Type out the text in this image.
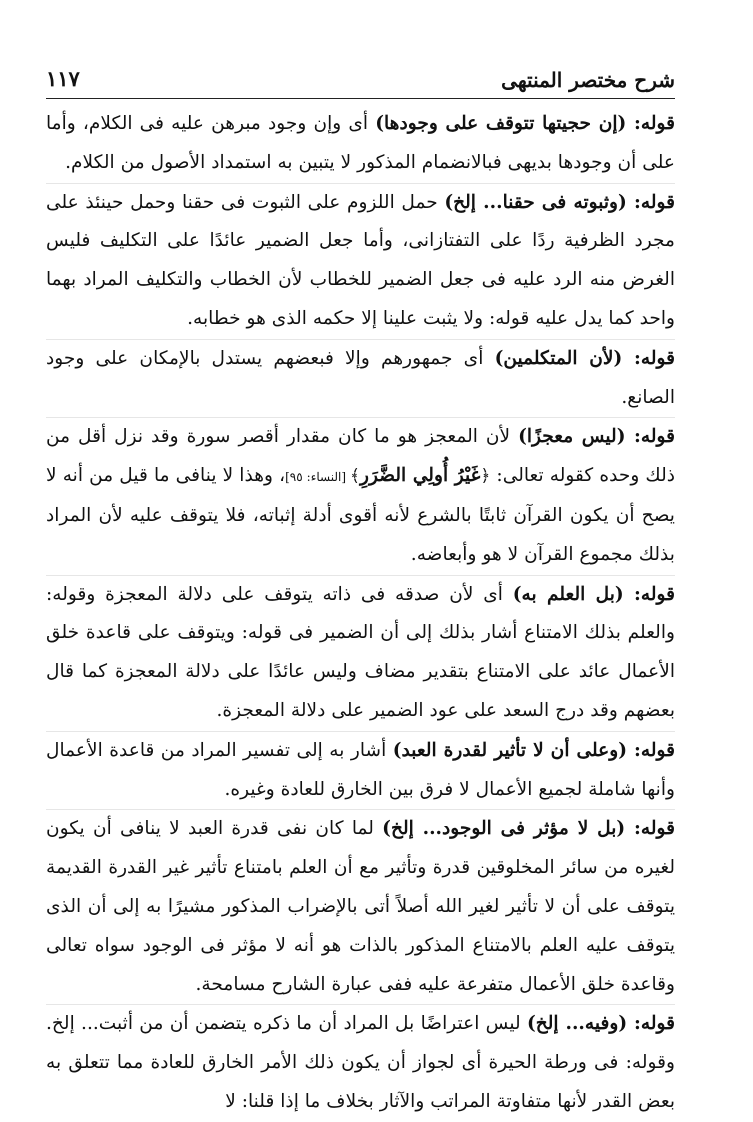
شرح مختصر المنتهى
١١٧

قوله: (إن حجيتها تتوقف على وجودها) أى وإن وجود مبرهن عليه فى الكلام، وأما على أن وجودها بديهى فبالانضمام المذكور لا يتبين به استمداد الأصول من الكلام.

قوله: (وثبوته فى حقنا... إلخ) حمل اللزوم على الثبوت فى حقنا وحمل حينئذ على مجرد الظرفية ردًا على التفتازانى، وأما جعل الضمير عائدًا على التكليف فليس الغرض منه الرد عليه فى جعل الضمير للخطاب لأن الخطاب والتكليف المراد بهما واحد كما يدل عليه قوله: ولا يثبت علينا إلا حكمه الذى هو خطابه.

قوله: (لأن المتكلمين) أى جمهورهم وإلا فبعضهم يستدل بالإمكان على وجود الصانع.

قوله: (ليس معجزًا) لأن المعجز هو ما كان مقدار أقصر سورة وقد نزل أقل من ذلك وحده كقوله تعالى: ﴿غَيْرُ أُولِي الضَّرَرِ﴾ [النساء: ٩٥]، وهذا لا ينافى ما قيل من أنه لا يصح أن يكون القرآن ثابتًا بالشرع لأنه أقوى أدلة إثباته، فلا يتوقف عليه لأن المراد بذلك مجموع القرآن لا هو وأبعاضه.

قوله: (بل العلم به) أى لأن صدقه فى ذاته يتوقف على دلالة المعجزة وقوله: والعلم بذلك الامتناع أشار بذلك إلى أن الضمير فى قوله: ويتوقف على قاعدة خلق الأعمال عائد على الامتناع بتقدير مضاف وليس عائدًا على دلالة المعجزة كما قال بعضهم وقد درج السعد على عود الضمير على دلالة المعجزة.

قوله: (وعلى أن لا تأثير لقدرة العبد) أشار به إلى تفسير المراد من قاعدة الأعمال وأنها شاملة لجميع الأعمال لا فرق بين الخارق للعادة وغيره.

قوله: (بل لا مؤثر فى الوجود... إلخ) لما كان نفى قدرة العبد لا ينافى أن يكون لغيره من سائر المخلوقين قدرة وتأثير مع أن العلم بامتناع تأثير غير القدرة القديمة يتوقف على أن لا تأثير لغير الله أصلاً أتى بالإضراب المذكور مشيرًا به إلى أن الذى يتوقف عليه العلم بالامتناع المذكور بالذات هو أنه لا مؤثر فى الوجود سواه تعالى وقاعدة خلق الأعمال متفرعة عليه ففى عبارة الشارح مسامحة.

قوله: (وفيه... إلخ) ليس اعتراضًا بل المراد أن ما ذكره يتضمن أن من أثبت... إلخ. وقوله: فى ورطة الحيرة أى لجواز أن يكون ذلك الأمر الخارق للعادة مما تتعلق به بعض القدر لأنها متفاوتة المراتب والآثار بخلاف ما إذا قلنا: لا
